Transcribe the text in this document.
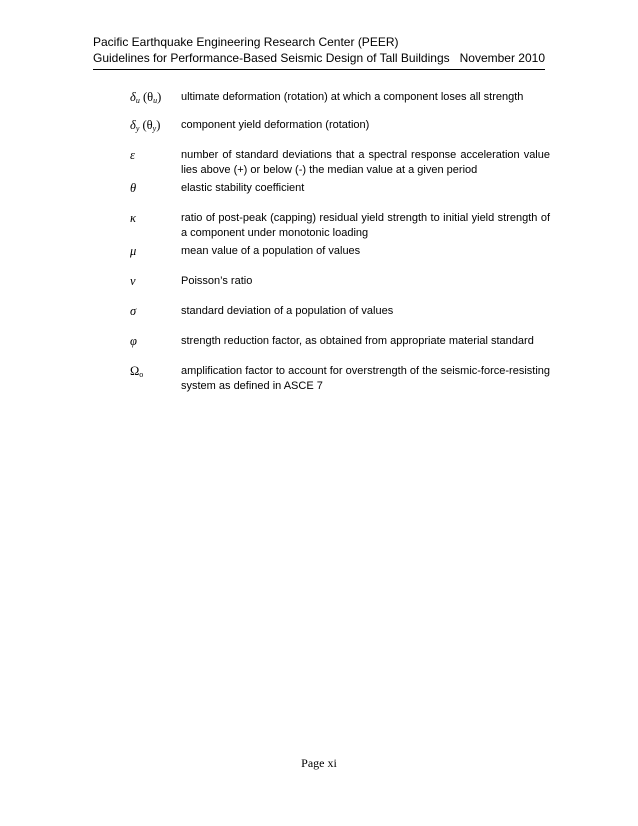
Pacific Earthquake Engineering Research Center (PEER)
Guidelines for Performance-Based Seismic Design of Tall Buildings November 2010
$\delta_u$ $(\theta_u)$	ultimate deformation (rotation) at which a component loses all strength
$\delta_y$ $(\theta_y)$	component yield deformation (rotation)
ε	number of standard deviations that a spectral response acceleration value lies above (+) or below (-) the median value at a given period
θ	elastic stability coefficient
κ	ratio of post-peak (capping) residual yield strength to initial yield strength of a component under monotonic loading
μ	mean value of a population of values
ν	Poisson’s ratio
σ	standard deviation of a population of values
φ	strength reduction factor, as obtained from appropriate material standard
$\Omega_o$	amplification factor to account for overstrength of the seismic-force-resisting system as defined in ASCE 7
Page xi
